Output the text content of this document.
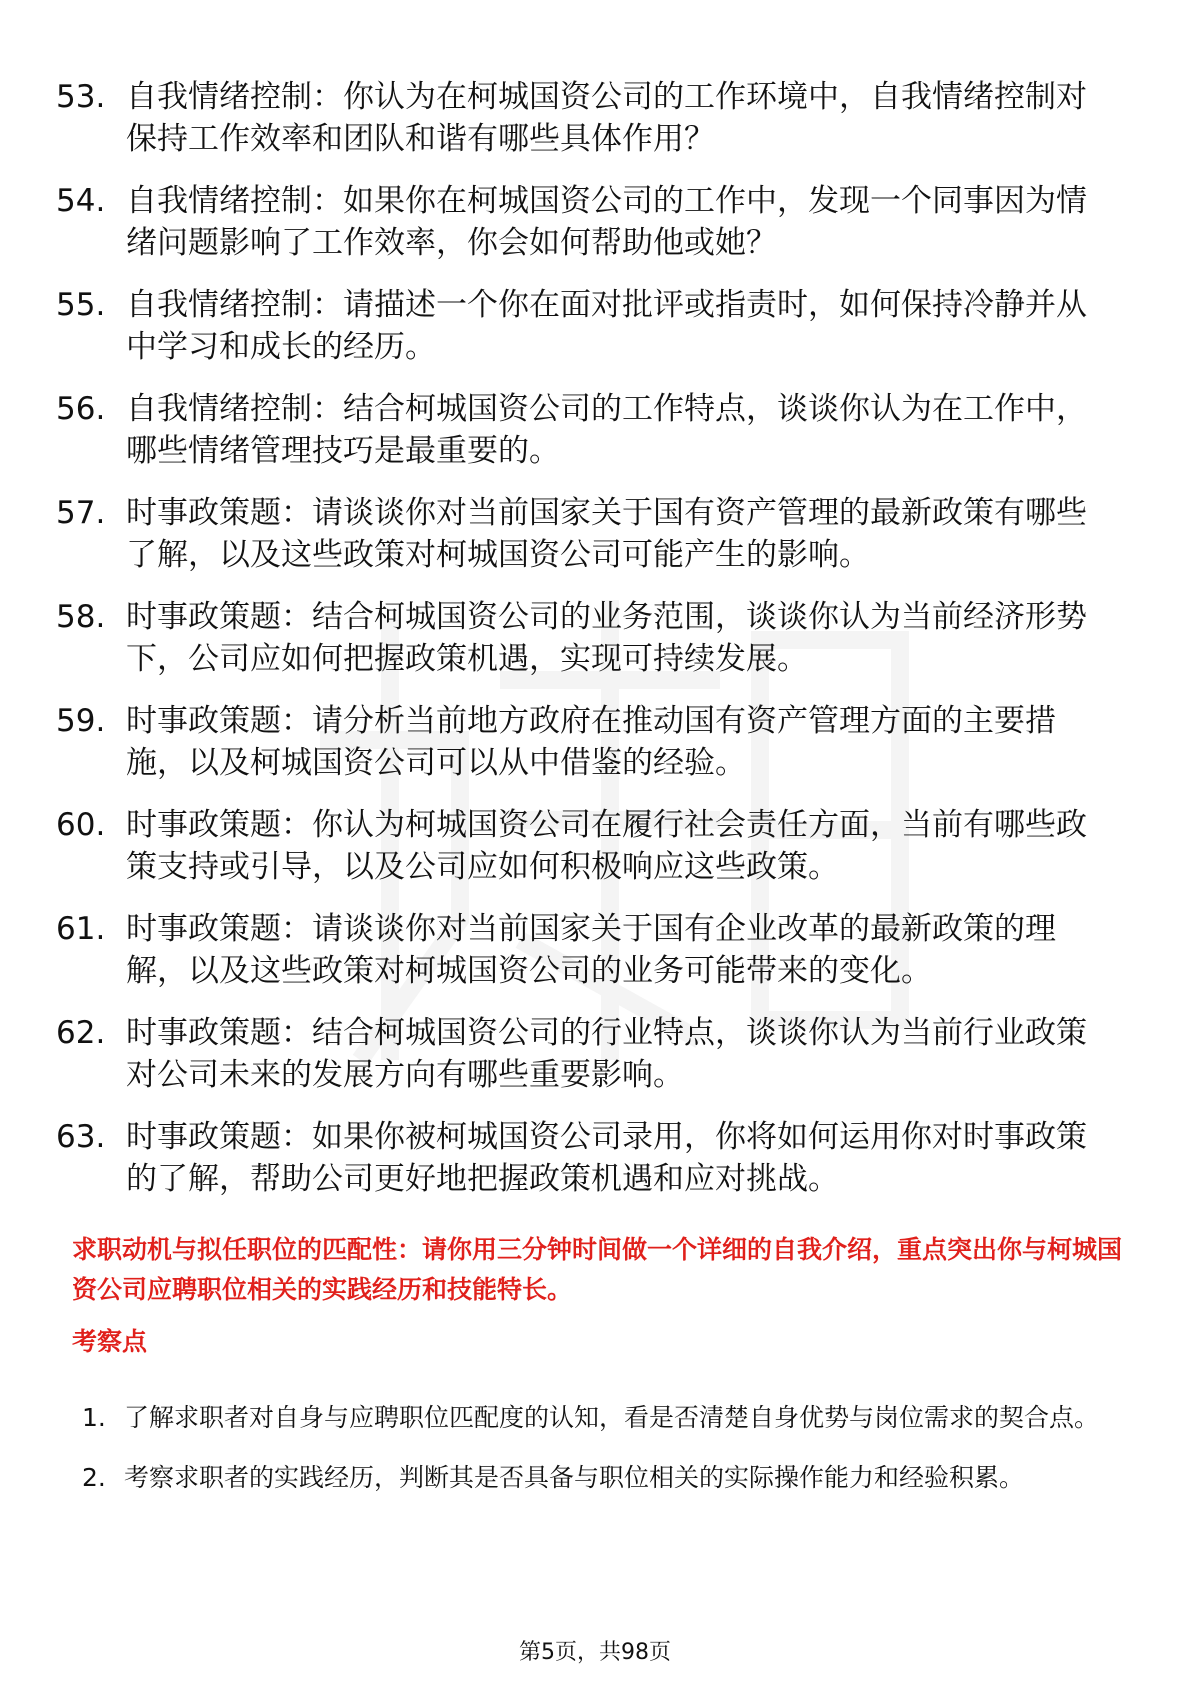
53. 自我情绪控制：你认为在柯城国资公司的工作环境中，自我情绪控制对保持工作效率和团队和谐有哪些具体作用？
54. 自我情绪控制：如果你在柯城国资公司的工作中，发现一个同事因为情绪问题影响了工作效率，你会如何帮助他或她？
55. 自我情绪控制：请描述一个你在面对批评或指责时，如何保持冷静并从中学习和成长的经历。
56. 自我情绪控制：结合柯城国资公司的工作特点，谈谈你认为在工作中，哪些情绪管理技巧是最重要的。
57. 时事政策题：请谈谈你对当前国家关于国有资产管理的最新政策有哪些了解，以及这些政策对柯城国资公司可能产生的影响。
58. 时事政策题：结合柯城国资公司的业务范围，谈谈你认为当前经济形势下，公司应如何把握政策机遇，实现可持续发展。
59. 时事政策题：请分析当前地方政府在推动国有资产管理方面的主要措施，以及柯城国资公司可以从中借鉴的经验。
60. 时事政策题：你认为柯城国资公司在履行社会责任方面，当前有哪些政策支持或引导，以及公司应如何积极响应这些政策。
61. 时事政策题：请谈谈你对当前国家关于国有企业改革的最新政策的理解，以及这些政策对柯城国资公司的业务可能带来的变化。
62. 时事政策题：结合柯城国资公司的行业特点，谈谈你认为当前行业政策对公司未来的发展方向有哪些重要影响。
63. 时事政策题：如果你被柯城国资公司录用，你将如何运用你对时事政策的了解，帮助公司更好地把握政策机遇和应对挑战。

求职动机与拟任职位的匹配性：请你用三分钟时间做一个详细的自我介绍，重点突出你与柯城国资公司应聘职位相关的实践经历和技能特长。

考察点

1. 了解求职者对自身与应聘职位匹配度的认知，看是否清楚自身优势与岗位需求的契合点。
2. 考察求职者的实践经历，判断其是否具备与职位相关的实际操作能力和经验积累。
第5页，共98页
